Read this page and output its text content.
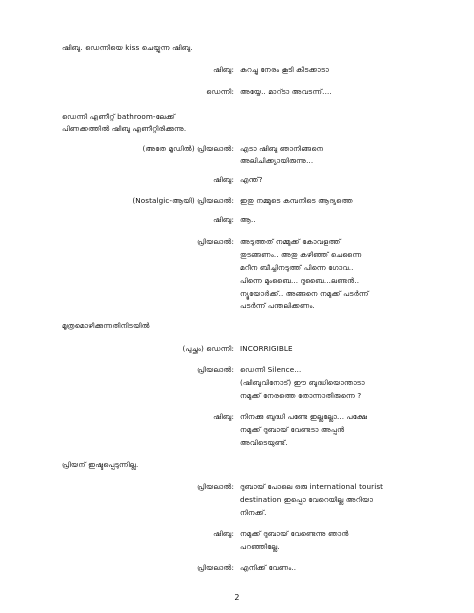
ഷിബു. ഡെന്നിയെ kiss ചെയ്യുന്ന ഷിബു.
ഷിബു: കുറച്ചു നേരം കൂടി കിടക്കാടാ
ഡെന്നി: അയ്യേ.. മാറ്ടാ അവടന്ന്....
ഡെന്നി എണീറ്റ് bathroom-ലേക്ക്
പിണക്കത്തിൽ ഷിബു എണീറ്റിരിക്കുന്നു.
(അതേ മൂഡിൽ) പ്രിയലാൽ: എടാ ഷിബു ഞാനിങ്ങനെ
അലിചിക്ക്യായിരുന്നു...
ഷിബു: എന്ത്?
(Nostalgic-ആയി) പ്രിയലാൽ: ഇതു നമ്മുടെ കമ്പനിടെ ആദ്യത്തെ
ഷിബു: ആ..
പ്രിയലാൽ: അടുത്തത് നമ്മുക്ക് കോവളത്ത്
തുടങ്ങണം.. അതു കഴിഞ്ഞ് ചെന്നൈ
മറീന ബീച്ചിനടുത്ത് പിന്നെ ഗോവ..
പിന്നെ മുംബൈ... ദുബൈ...ലണ്ടൻ..
ന്യൂയോർക്ക്.. അങ്ങനെ നമുക്ക് പടർന്ന്
പടർന്ന് പന്തലിക്കണം.
മൂത്രമൊഴിക്കുന്നതിനിടയിൽ
(പുച്ഛം) ഡെന്നി: INCORRIGIBLE
പ്രിയലാൽ: ഡെന്നി Silence...
(ഷിബുവിനോട്) ഈ ബുദ്ധിയൊന്താടാ
നമുക്ക് നേരത്തെ തോന്നാതിരുന്നെ ?
ഷിബു: നിനക്കു ബുദ്ധി പണ്ടേ ഇല്ലല്ലോ... പക്ഷേ
നമുക്ക് ദുബായ് വേണ്ടടാ അപ്പൻ
അവിടെയുണ്ട്.
പ്രിയന് ഇഷ്ടപ്പെടുന്നില്ല.
പ്രിയലാൽ: ദുബായ് പോലെ ഒരു international tourist
destination ഇപ്പൊ വേറെയില്ല അറിയാ
നിനക്ക്.
ഷിബു: നമുക്ക് ദുബായ് വേണ്ടെന്നു ഞാൻ
പറഞ്ഞില്ലേ.
പ്രിയലാൽ: എനിക്ക് വേണം..
2
